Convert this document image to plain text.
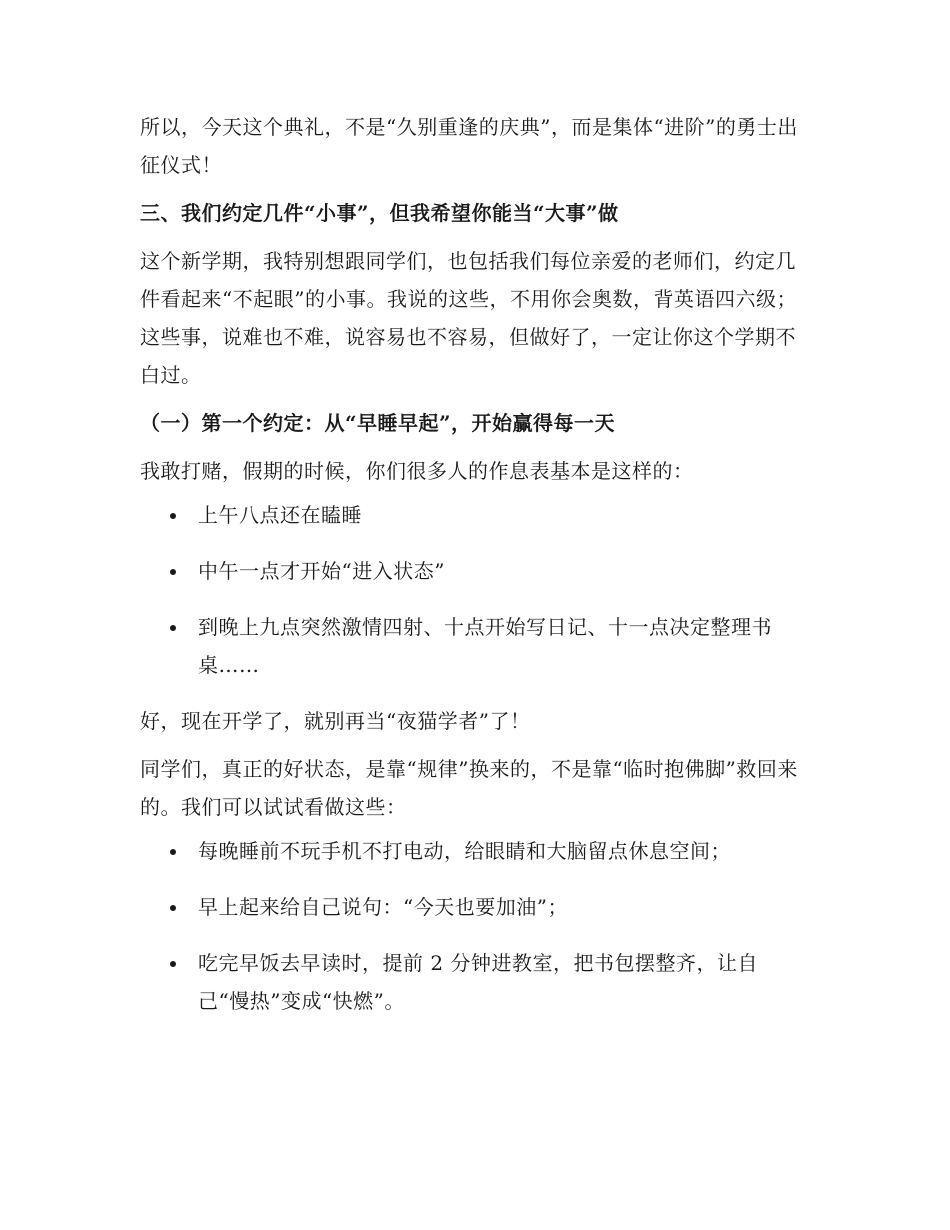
所以，今天这个典礼，不是“久别重逢的庆典”，而是集体“进阶”的勇士出征仪式！

三、我们约定几件“小事”，但我希望你能当“大事”做

这个新学期，我特别想跟同学们，也包括我们每位亲爱的老师们，约定几件看起来“不起眼”的小事。我说的这些，不用你会奥数，背英语四六级；这些事，说难也不难，说容易也不容易，但做好了，一定让你这个学期不白过。

（一）第一个约定：从“早睡早起”，开始赢得每一天

我敢打赌，假期的时候，你们很多人的作息表基本是这样的：

上午八点还在瞌睡
中午一点才开始“进入状态”
到晚上九点突然激情四射、十点开始写日记、十一点决定整理书桌……

好，现在开学了，就别再当“夜猫学者”了！

同学们，真正的好状态，是靠“规律”换来的，不是靠“临时抱佛脚”救回来的。我们可以试试看做这些：

每晚睡前不玩手机不打电动，给眼睛和大脑留点休息空间；
早上起来给自己说句：“今天也要加油”；
吃完早饭去早读时，提前 2 分钟进教室，把书包摆整齐，让自己“慢热”变成“快燃”。
